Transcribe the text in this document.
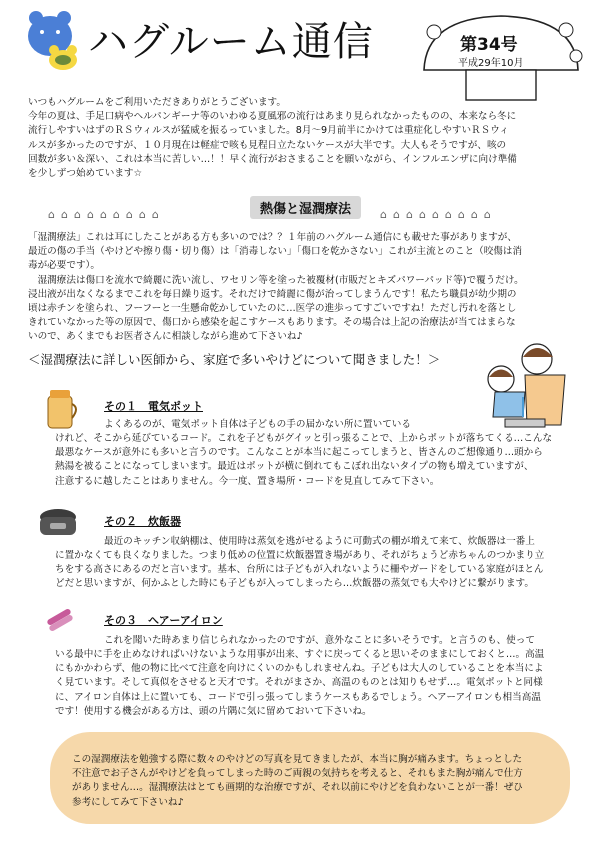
ハグルーム通信	第34号
平成29年10月
いつもハグルームをご利用いただきありがとうございます。
今年の夏は、手足口病やヘルパンギーナ等のいわゆる夏風邪の流行はあまり見られなかったものの、本来なら冬に
流行しやすいはずのＲＳウィルスが猛威を振るっていました。8月～9月前半にかけては重症化しやすいＲＳウィ
ルスが多かったのですが、１０月現在は軽症で咳も見程日立たないケースが大半です。大人もそうですが、咳の
回数が多い＆深い、これは本当に苦しい…！！早く流行がおさまることを願いながら、インフルエンザに向け準備
を少しずつ始めています☆
⌂ ⌂ ⌂ ⌂ ⌂ ⌂ ⌂ ⌂ ⌂	熱傷と湿潤療法	⌂ ⌂ ⌂ ⌂ ⌂ ⌂ ⌂ ⌂ ⌂
「湿潤療法」これは耳にしたことがある方も多いのでは？？１年前のハグルーム通信にも載せた事がありますが、
最近の傷の手当（やけどや擦り傷・切り傷）は「消毒しない」「傷口を乾かさない」これが主流とのこと（咬傷は消
毒が必要です）。
　湿潤療法は傷口を流水で綺麗に洗い流し、ワセリン等を塗った被覆材(市販だとキズパワーパッド等)で覆うだけ。
浸出液が出なくなるまでこれを毎日繰り返す。それだけで綺麗に傷が治ってしまうんです！私たち職員が幼少期の
頃は赤チンを塗られ、フーフーと一生懸命乾かしていたのに…医学の進歩ってすごいですね！ただし汚れを落とし
きれていなかった等の原因で、傷口から感染を起こすケースもあります。その場合は上記の治療法が当てはまらな
いので、あくまでもお医者さんに相談しながら進めて下さいね♪
＜湿潤療法に詳しい医師から、家庭で多いやけどについて聞きました！＞
その１　電気ポット
よくあるのが、電気ポット自体は子どもの手の届かない所に置いている
けれど、そこから延びているコード。これを子どもがグイッと引っ張ることで、上からポットが落ちてくる…こんな
最悪なケースが意外にも多いと言うのです。こんなことが本当に起こってしまうと、皆さんのご想像通り…頭から
熱湯を被ることになってしまいます。最近はポットが横に倒れてもこぼれ出ないタイプの物も増えていますが、
注意するに越したことはありません。今一度、置き場所・コードを見直してみて下さい。
その２　炊飯器
最近のキッチン収納棚は、使用時は蒸気を逃がせるように可動式の棚が増えて来て、炊飯器は一番上
に置かなくても良くなりました。つまり低めの位置に炊飯器置き場があり、それがちょうど赤ちゃんのつかまり立
ちをする高さにあるのだと言います。基本、台所には子どもが入れないように柵やガードをしている家庭がほとん
どだと思いますが、何かふとした時にも子どもが入ってしまったら…炊飯器の蒸気でも大やけどに繋がります。
その３　ヘアーアイロン
これを聞いた時あまり信じられなかったのですが、意外なことに多いそうです。と言うのも、使って
いる最中に手を止めなければいけないような用事が出来、すぐに戻ってくると思いそのままにしておくと…。高温
にもかかわらず、他の物に比べて注意を向けにくいのかもしれませんね。子どもは大人のしていることを本当によ
く見ています。そして真似をさせると天才です。それがまさか、高温のものとは知りもせず…。電気ポットと同様
に、アイロン自体は上に置いても、コードで引っ張ってしまうケースもあるでしょう。ヘアーアイロンも相当高温
です！使用する機会がある方は、頭の片隅に気に留めておいて下さいね。
この湿潤療法を勉強する際に数々のやけどの写真を見てきましたが、本当に胸が痛みます。ちょっとした
不注意でお子さんがやけどを負ってしまった時のご両親の気持ちを考えると、それもまた胸が痛んで仕方
がありません…。湿潤療法はとても画期的な治療ですが、それ以前にやけどを負わないことが一番！ぜひ
参考にしてみて下さいね♪
